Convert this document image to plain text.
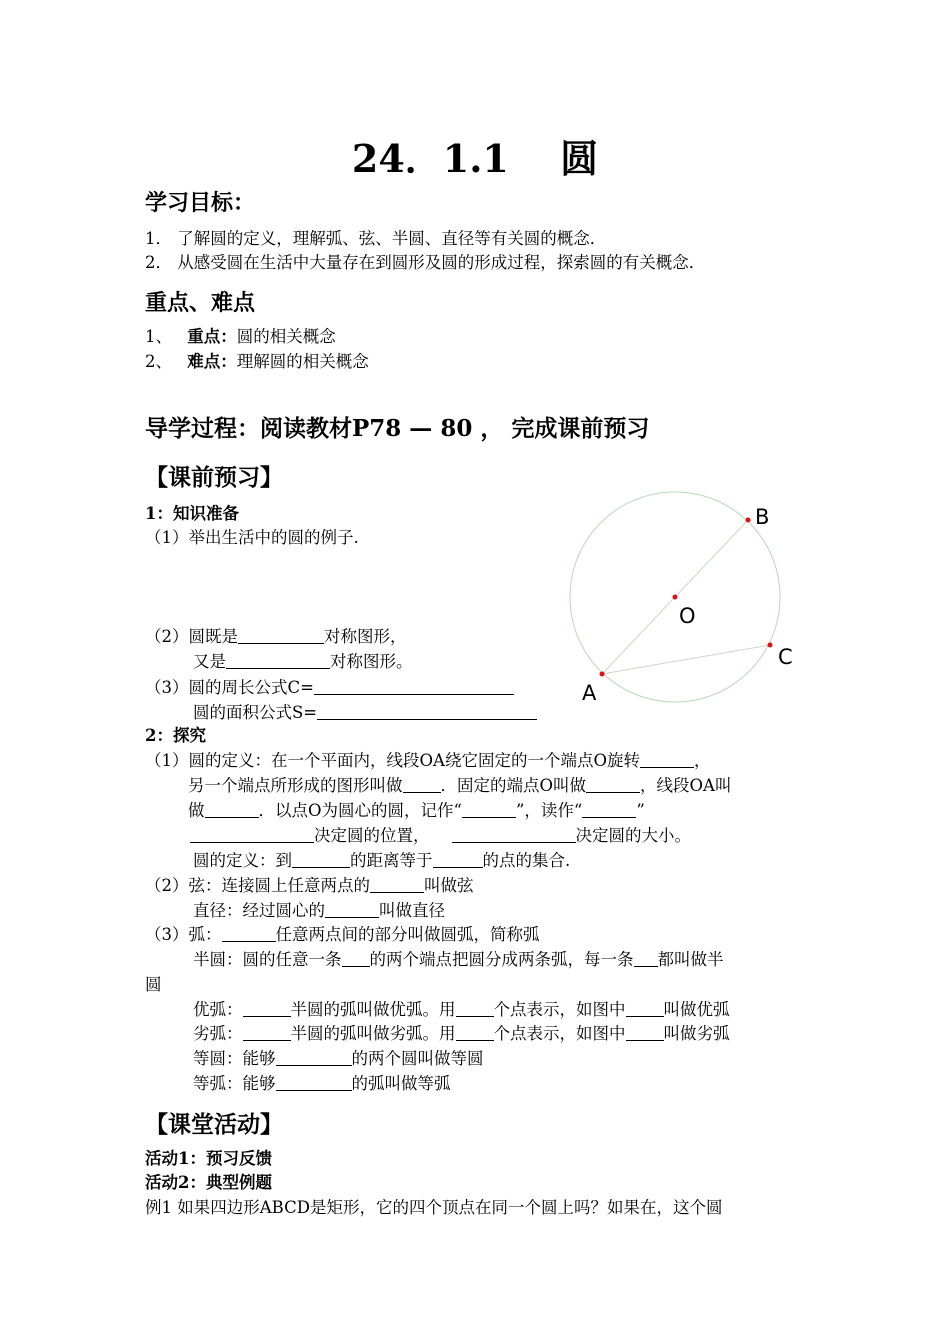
24．1.1　 圆
学习目标：
1． 了解圆的定义，理解弧、弦、半圆、直径等有关圆的概念．
2． 从感受圆在生活中大量存在到圆形及圆的形成过程，探索圆的有关概念．
重点、难点
1、 重点：圆的相关概念
2、 难点：理解圆的相关概念
导学过程：阅读教材P78 — 80 ， 完成课前预习
【课前预习】
1：知识准备
（1）举出生活中的圆的例子.
（2）圆既是	对称图形，
又是	对称图形。
（3）圆的周长公式C=
圆的面积公式S=
2：探究
（1）圆的定义：在一个平面内，线段OA绕它固定的一个端点O旋转	，
另一个端点所形成的图形叫做 ．固定的端点O叫做	，线段OA叫
做	．以点O为圆心的圆，记作“	”，读作“	”
决定圆的位置，	决定圆的大小。
圆的定义：到	的距离等于	的点的集合.
（2）弦：连接圆上任意两点的	叫做弦
直径：经过圆心的	叫做直径
（3）弧：	任意两点间的部分叫做圆弧，简称弧
半圆：圆的任意一条 的两个端点把圆分成两条弧，每一条 都叫做半
圆
优弧：	半圆的弧叫做优弧。用 个点表示，如图中 叫做优弧
劣弧：	半圆的弧叫做劣弧。用 个点表示，如图中 叫做劣弧
等圆：能够	的两个圆叫做等圆
等弧：能够	的弧叫做等弧
【课堂活动】
活动1：预习反馈
活动2：典型例题
例1 如果四边形ABCD是矩形，它的四个顶点在同一个圆上吗？如果在，这个圆
B
O
C
A
